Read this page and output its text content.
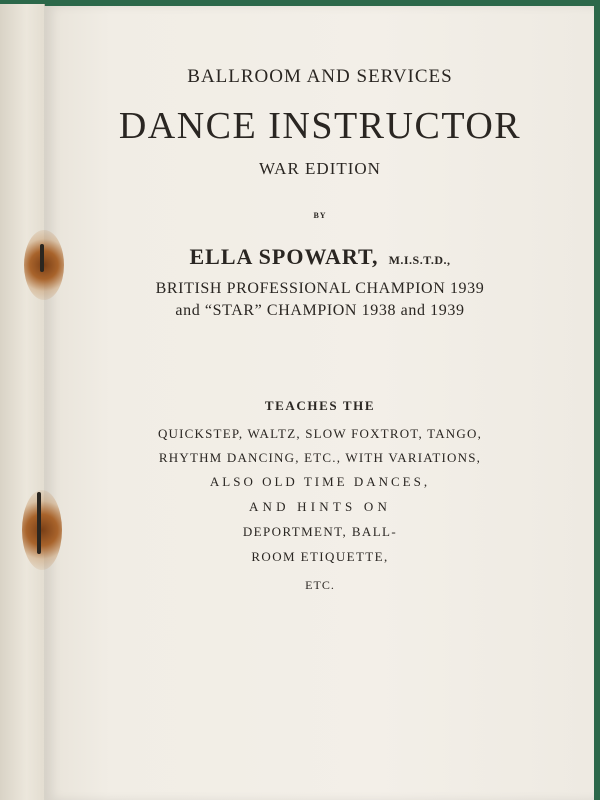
BALLROOM AND SERVICES
DANCE INSTRUCTOR
WAR EDITION
BY
ELLA SPOWART, M.I.S.T.D.,
BRITISH PROFESSIONAL CHAMPION 1939
and “STAR” CHAMPION 1938 and 1939
TEACHES THE
QUICKSTEP, WALTZ, SLOW FOXTROT, TANGO,
RHYTHM DANCING, ETC., WITH VARIATIONS,
ALSO OLD TIME DANCES,
AND HINTS ON
DEPORTMENT, BALL-
ROOM ETIQUETTE,
ETC.
